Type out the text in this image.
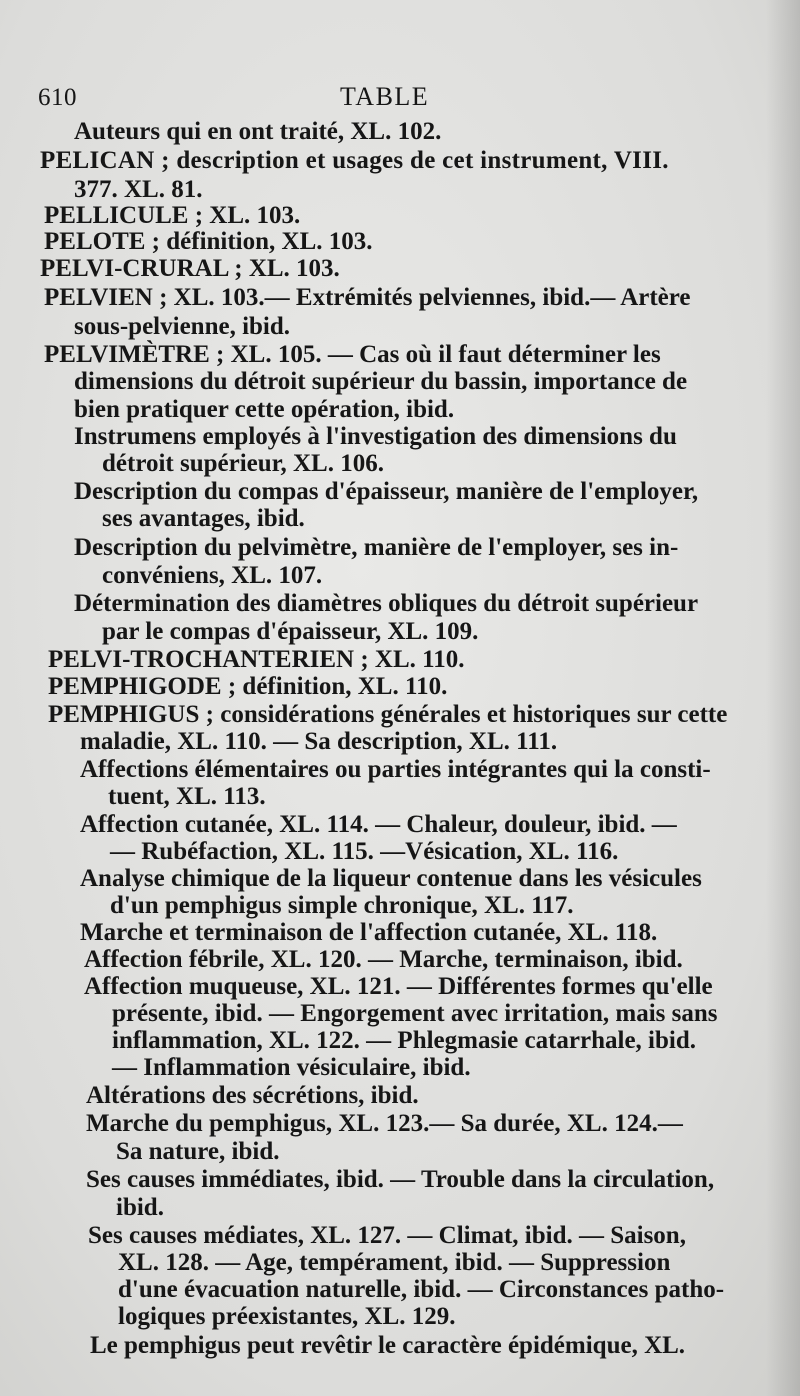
610	TABLE
Auteurs qui en ont traité, XL. 102.
PELICAN ; description et usages de cet instrument, VIII.
377. XL. 81.
PELLICULE ; XL. 103.
PELOTE ; définition, XL. 103.
PELVI-CRURAL ; XL. 103.
PELVIEN ; XL. 103.— Extrémités pelviennes, ibid.— Artère
sous-pelvienne, ibid.
PELVIMÈTRE ; XL. 105. — Cas où il faut déterminer les
dimensions du détroit supérieur du bassin, importance de
bien pratiquer cette opération, ibid.
Instrumens employés à l'investigation des dimensions du
détroit supérieur, XL. 106.
Description du compas d'épaisseur, manière de l'employer,
ses avantages, ibid.
Description du pelvimètre, manière de l'employer, ses in-
convéniens, XL. 107.
Détermination des diamètres obliques du détroit supérieur
par le compas d'épaisseur, XL. 109.
PELVI-TROCHANTERIEN ; XL. 110.
PEMPHIGODE ; définition, XL. 110.
PEMPHIGUS ; considérations générales et historiques sur cette
maladie, XL. 110. — Sa description, XL. 111.
Affections élémentaires ou parties intégrantes qui la consti-
tuent, XL. 113.
Affection cutanée, XL. 114. — Chaleur, douleur, ibid. —
— Rubéfaction, XL. 115. —Vésication, XL. 116.
Analyse chimique de la liqueur contenue dans les vésicules
d'un pemphigus simple chronique, XL. 117.
Marche et terminaison de l'affection cutanée, XL. 118.
Affection fébrile, XL. 120. — Marche, terminaison, ibid.
Affection muqueuse, XL. 121. — Différentes formes qu'elle
présente, ibid. — Engorgement avec irritation, mais sans
inflammation, XL. 122. — Phlegmasie catarrhale, ibid.
— Inflammation vésiculaire, ibid.
Altérations des sécrétions, ibid.
Marche du pemphigus, XL. 123.— Sa durée, XL. 124.—
Sa nature, ibid.
Ses causes immédiates, ibid. — Trouble dans la circulation,
ibid.
Ses causes médiates, XL. 127. — Climat, ibid. — Saison,
XL. 128. — Age, tempérament, ibid. — Suppression
d'une évacuation naturelle, ibid. — Circonstances patho-
logiques préexistantes, XL. 129.
Le pemphigus peut revêtir le caractère épidémique, XL.
